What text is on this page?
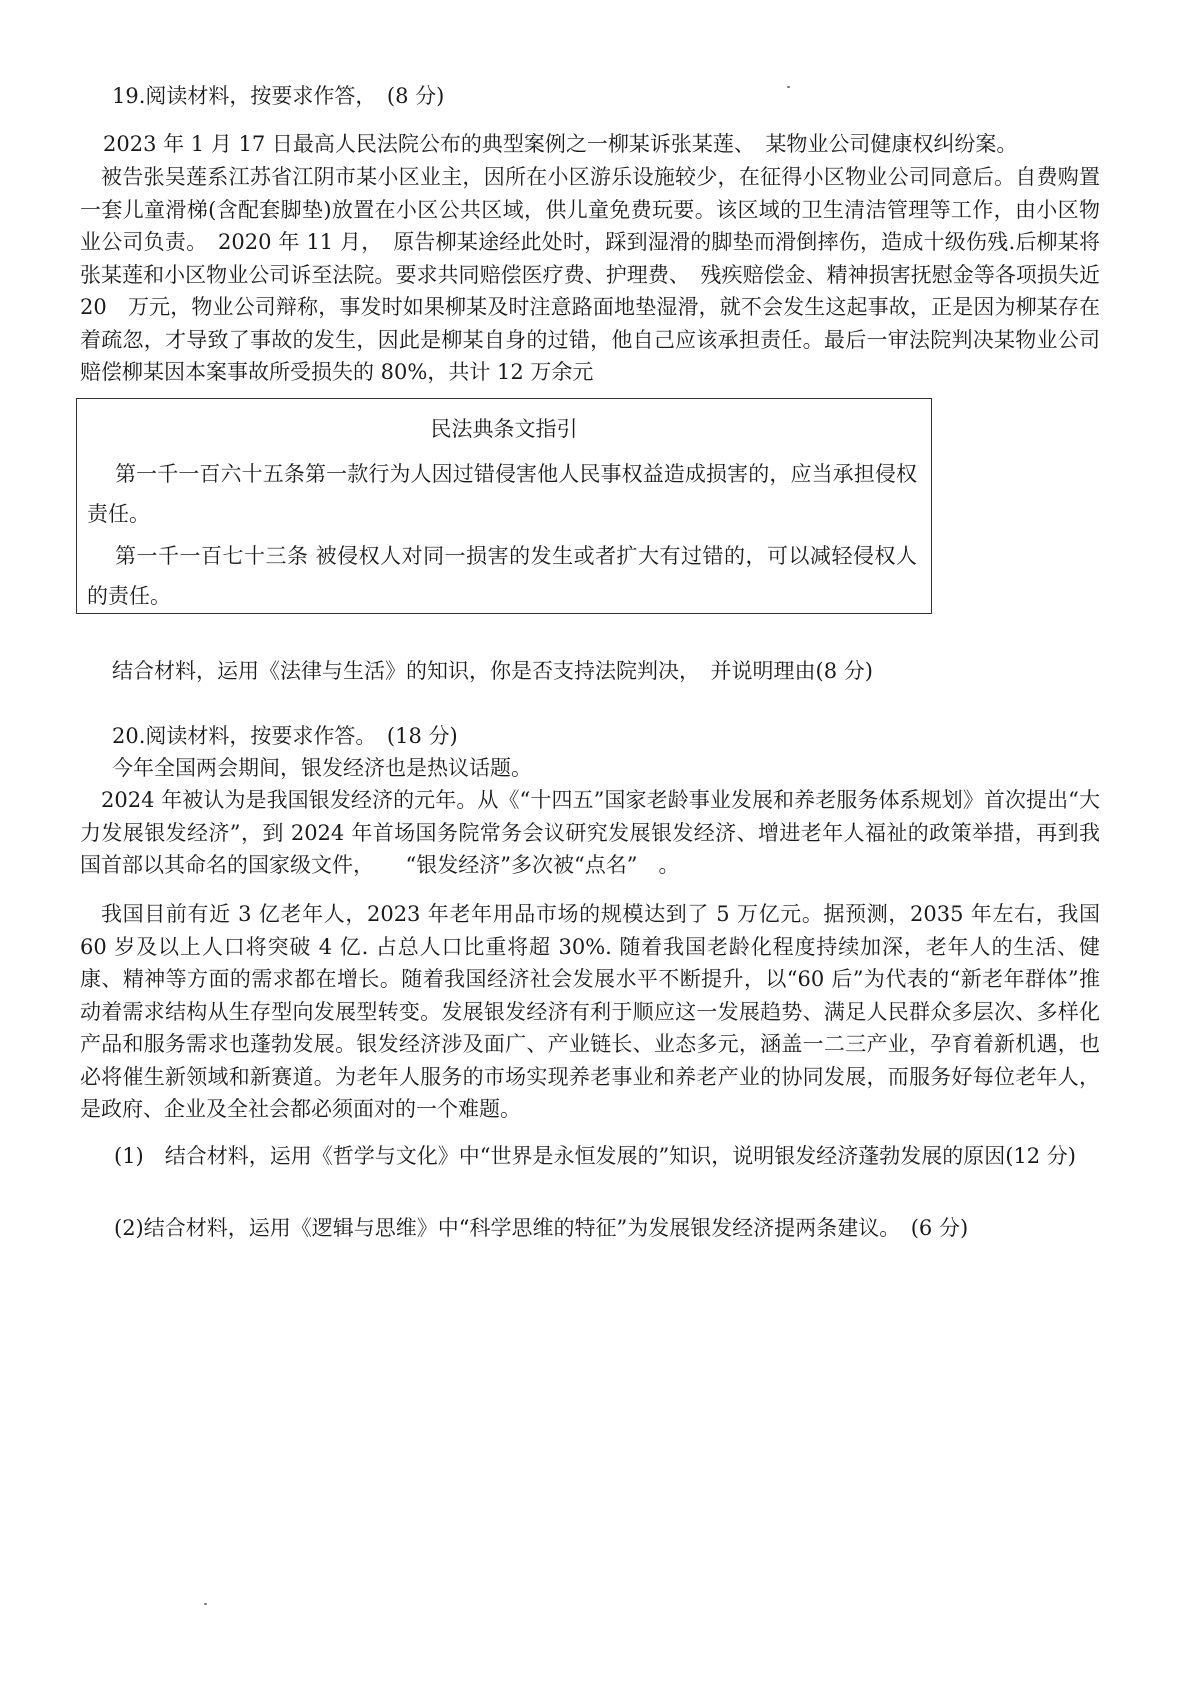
19.阅读材料，按要求作答，　(8 分)
2023 年 1 月 17 日最高人民法院公布的典型案例之一柳某诉张某莲、　某物业公司健康权纠纷案。
被告张吴莲系江苏省江阴市某小区业主，因所在小区游乐设施较少，在征得小区物业公司同意后。自费购置一套儿童滑梯(含配套脚垫)放置在小区公共区域，供儿童免费玩要。该区域的卫生清洁管理等工作，由小区物业公司负责。　2020 年 11 月，　原告柳某途经此处时，踩到湿滑的脚垫而滑倒摔伤，造成十级伤残.后柳某将张某莲和小区物业公司诉至法院。要求共同赔偿医疗费、护理费、　残疾赔偿金、精神损害抚慰金等各项损失近　20　万元，物业公司辩称，事发时如果柳某及时注意路面地垫湿滑，就不会发生这起事故，正是因为柳某存在着疏忽，才导致了事故的发生，因此是柳某自身的过错，他自己应该承担责任。最后一审法院判决某物业公司赔偿柳某因本案事故所受损失的 80%，共计 12 万余元
民法典条文指引
第一千一百六十五条第一款行为人因过错侵害他人民事权益造成损害的，应当承担侵权责任。
第一千一百七十三条 被侵权人对同一损害的发生或者扩大有过错的，可以减轻侵权人的责任。
结合材料，运用《法律与生活》的知识，你是否支持法院判决，　并说明理由(8 分)
20.阅读材料，按要求作答。　(18 分)
今年全国两会期间，银发经济也是热议话题。
2024 年被认为是我国银发经济的元年。从《“十四五”国家老龄事业发展和养老服务体系规划》首次提出“大力发展银发经济”，到 2024 年首场国务院常务会议研究发展银发经济、增进老年人福祉的政策举措，再到我国首部以其命名的国家级文件，　　“银发经济”多次被“点名”　。
我国目前有近 3 亿老年人，2023 年老年用品市场的规模达到了 5 万亿元。据预测，2035 年左右，我国 60 岁及以上人口将突破 4 亿. 占总人口比重将超 30%. 随着我国老龄化程度持续加深，老年人的生活、健康、精神等方面的需求都在增长。随着我国经济社会发展水平不断提升，以“60 后”为代表的“新老年群体”推动着需求结构从生存型向发展型转变。发展银发经济有利于顺应这一发展趋势、满足人民群众多层次、多样化产品和服务需求也蓬勃发展。银发经济涉及面广、产业链长、业态多元，涵盖一二三产业，孕育着新机遇，也必将催生新领域和新赛道。为老年人服务的市场实现养老事业和养老产业的协同发展，而服务好每位老年人，是政府、企业及全社会都必须面对的一个难题。
(1)　结合材料，运用《哲学与文化》中“世界是永恒发展的”知识，说明银发经济蓬勃发展的原因(12 分)
(2)结合材料，运用《逻辑与思维》中“科学思维的特征”为发展银发经济提两条建议。　(6 分)
